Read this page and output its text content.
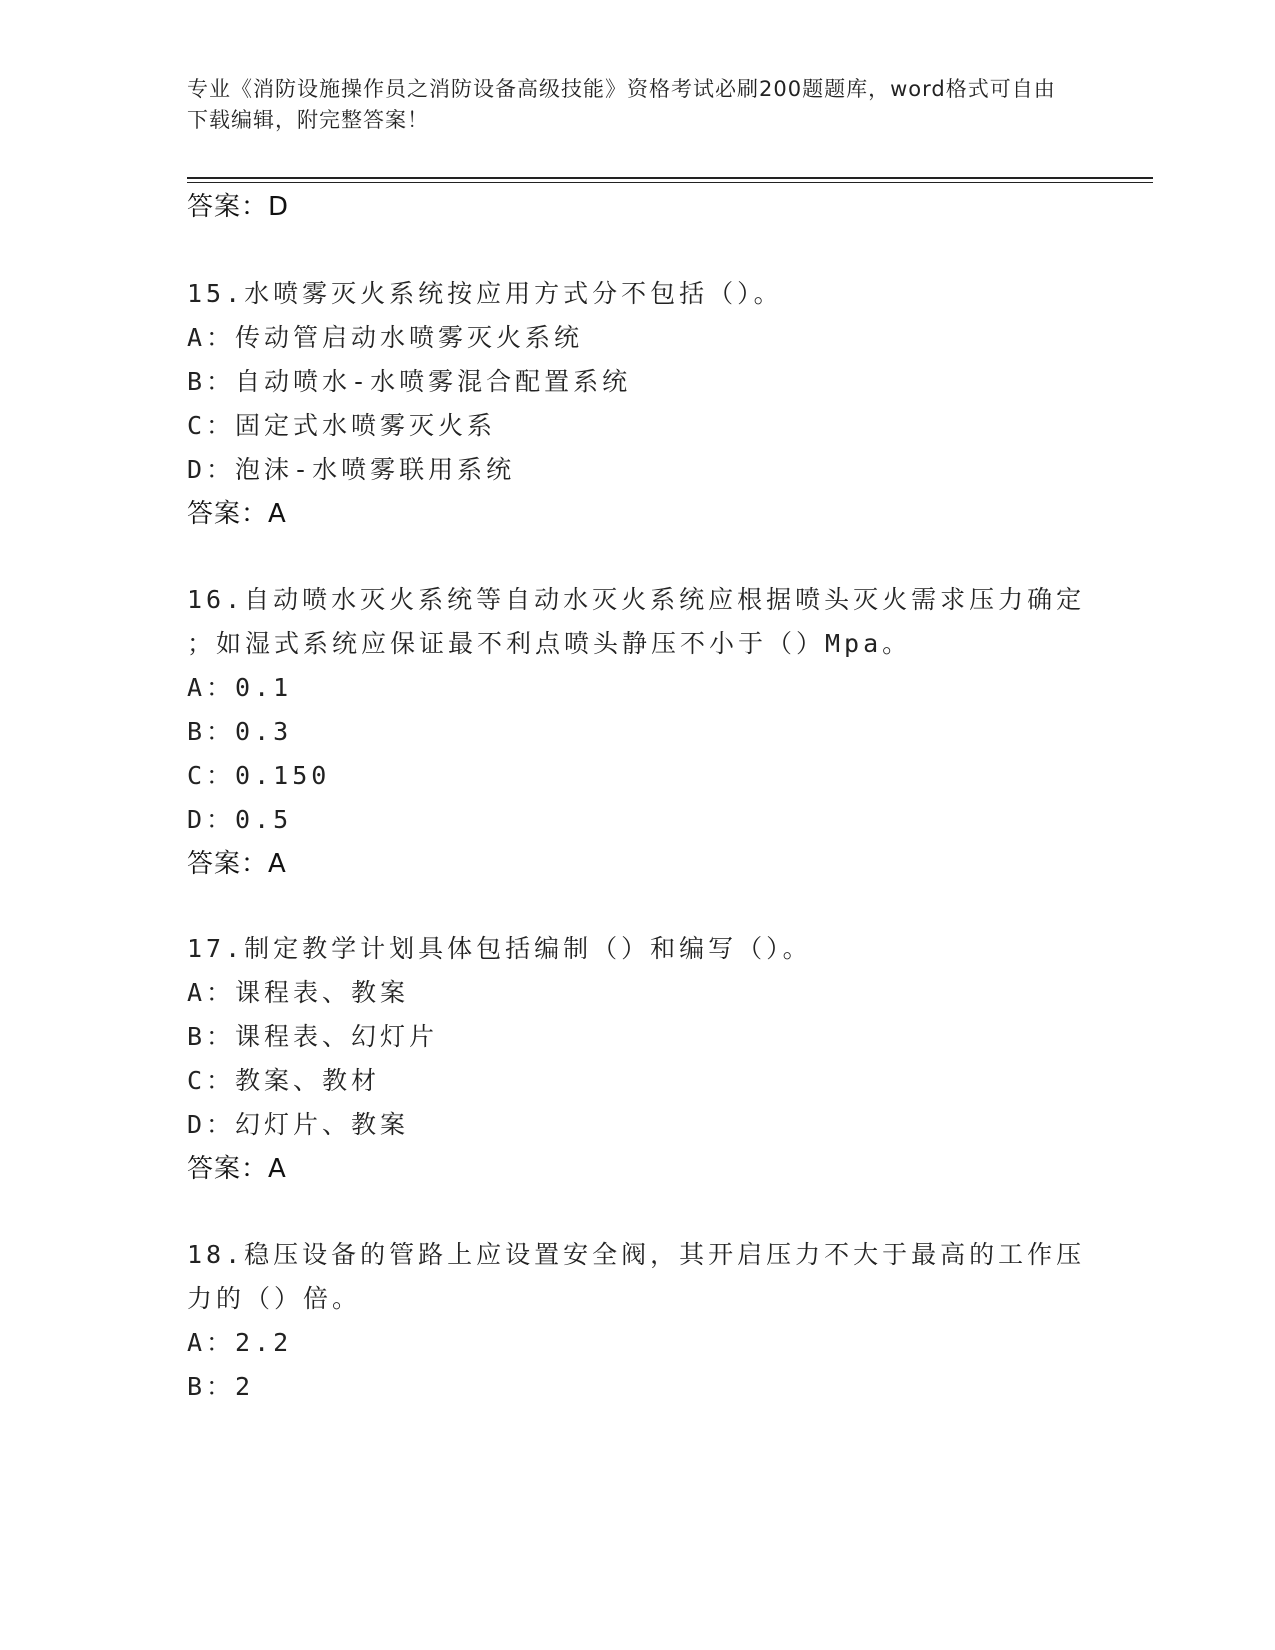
专业《消防设施操作员之消防设备高级技能》资格考试必刷200题题库，word格式可自由下载编辑，附完整答案！
答案：D
15.水喷雾灭火系统按应用方式分不包括（）。
A：传动管启动水喷雾灭火系统
B：自动喷水-水喷雾混合配置系统
C：固定式水喷雾灭火系
D：泡沫-水喷雾联用系统
答案：A
16.自动喷水灭火系统等自动水灭火系统应根据喷头灭火需求压力确定
；如湿式系统应保证最不利点喷头静压不小于（）Mpa。
A：0.1
B：0.3
C：0.150
D：0.5
答案：A
17.制定教学计划具体包括编制（）和编写（）。
A：课程表、教案
B：课程表、幻灯片
C：教案、教材
D：幻灯片、教案
答案：A
18.稳压设备的管路上应设置安全阀，其开启压力不大于最高的工作压
力的（）倍。
A：2.2
B：2
